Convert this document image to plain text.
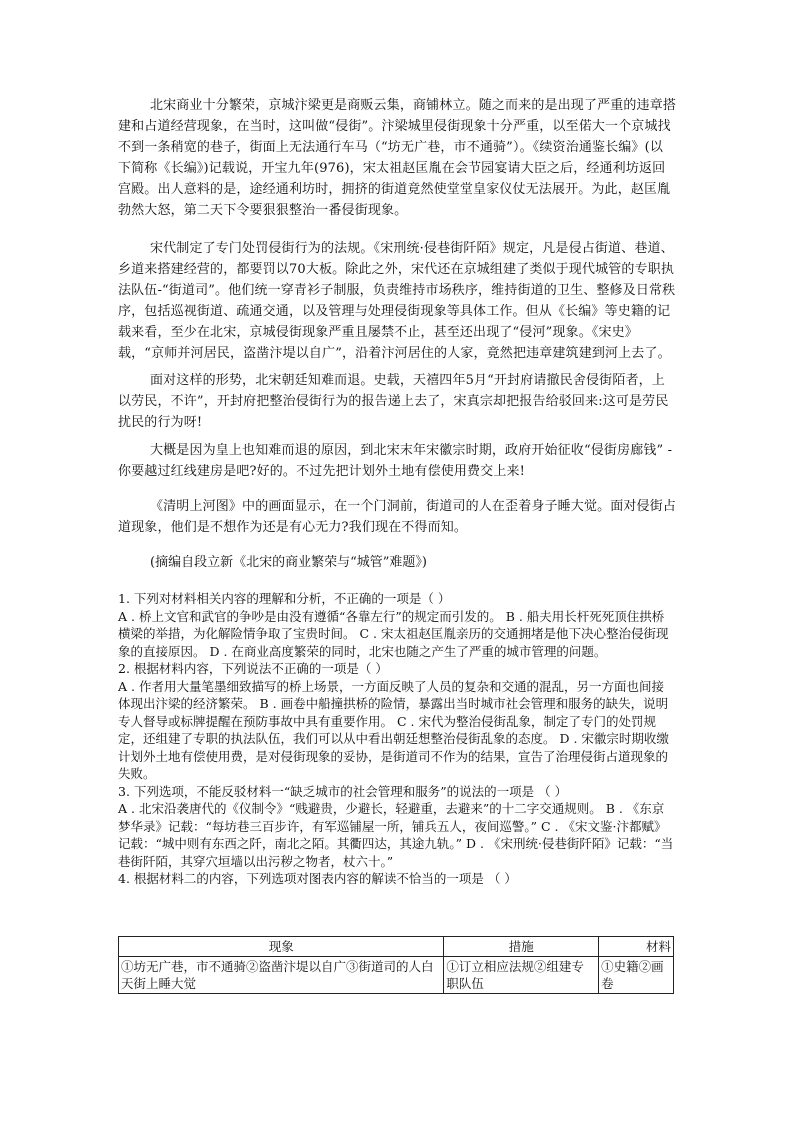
北宋商业十分繁荣，京城汴梁更是商贩云集，商铺林立。随之而来的是出现了严重的违章搭建和占道经营现象，在当时，这叫做“侵街”。汴梁城里侵街现象十分严重，以至偌大一个京城找不到一条稍宽的巷子，街面上无法通行车马（“坊无广巷，市不通骑”）。《续资治通鉴长编》(以下简称《长编》)记载说，开宝九年(976)，宋太祖赵匡胤在会节园宴请大臣之后，经通利坊返回宫殿。出人意料的是，途经通利坊时，拥挤的街道竟然使堂堂皇家仪仗无法展开。为此，赵匡胤勃然大怒，第二天下令要狠狠整治一番侵街现象。

宋代制定了专门处罚侵街行为的法规。《宋刑统·侵巷街阡陌》规定，凡是侵占街道、巷道、乡道来搭建经营的，都要罚以70大板。除此之外，宋代还在京城组建了类似于现代城管的专职执法队伍-“街道司”。他们统一穿青衫子制服，负责维持市场秩序，维持街道的卫生、整修及日常秩序，包括巡视街道、疏通交通，以及管理与处理侵街现象等具体工作。但从《长编》等史籍的记载来看，至少在北宋，京城侵街现象严重且屡禁不止，甚至还出现了“侵河”现象。《宋史》载，“京师并河居民，盗凿汴堤以自广”，沿着汴河居住的人家，竟然把违章建筑建到河上去了。

面对这样的形势，北宋朝廷知难而退。史载，天禧四年5月“开封府请撤民舍侵街陌者，上以劳民，不许”，开封府把整治侵街行为的报告递上去了，宋真宗却把报告给驳回来:这可是劳民扰民的行为呀!

大概是因为皇上也知难而退的原因，到北宋末年宋徽宗时期，政府开始征收“侵街房廊钱” -你要越过红线建房是吧?好的。不过先把计划外土地有偿使用费交上来!

《清明上河图》中的画面显示，在一个门洞前，街道司的人在歪着身子睡大觉。面对侵街占道现象，他们是不想作为还是有心无力?我们现在不得而知。

(摘编自段立新《北宋的商业繁荣与“城管”难题》)

1. 下列对材料相关内容的理解和分析，不正确的一项是（ ）

A . 桥上文官和武官的争吵是由没有遵循“各靠左行”的规定而引发的。 B . 船夫用长杆死死顶住拱桥横梁的举措，为化解险情争取了宝贵时间。 C . 宋太祖赵匡胤亲历的交通拥堵是他下决心整治侵街现象的直接原因。 D . 在商业高度繁荣的同时，北宋也随之产生了严重的城市管理的问题。

2. 根据材料内容，下列说法不正确的一项是（ ）

A . 作者用大量笔墨细致描写的桥上场景，一方面反映了人员的复杂和交通的混乱，另一方面也间接体现出汴梁的经济繁荣。 B . 画卷中船撞拱桥的险情，暴露出当时城市社会管理和服务的缺失，说明专人督导或标牌提醒在预防事故中具有重要作用。 C . 宋代为整治侵街乱象，制定了专门的处罚规定，还组建了专职的执法队伍，我们可以从中看出朝廷想整治侵街乱象的态度。 D . 宋徽宗时期收缴计划外土地有偿使用费，是对侵街现象的妥协，是街道司不作为的结果，宣告了治理侵街占道现象的失败。

3. 下列选项，不能反驳材料一“缺乏城市的社会管理和服务”的说法的一项是 （ ）

A . 北宋沿袭唐代的《仪制令》“贱避贵，少避长，轻避重，去避来”的十二字交通规则。 B . 《东京梦华录》记载：“每坊巷三百步许，有军巡铺屋一所，铺兵五人，夜间巡警。” C . 《宋文鉴·汴都赋》记载：“城中则有东西之阡，南北之陌。其衢四达，其途九轨。” D . 《宋刑统·侵巷街阡陌》记载：“当巷街阡陌，其穿穴垣墙以出污秽之物者，杖六十。”

4. 根据材料二的内容，下列选项对图表内容的解读不恰当的一项是 （ ）

现象	措施	材料
①坊无广巷，市不通骑②盗凿汴堤以自广③街道司的人白天街上睡大觉	①订立相应法规②组建专职队伍	①史籍②画卷
